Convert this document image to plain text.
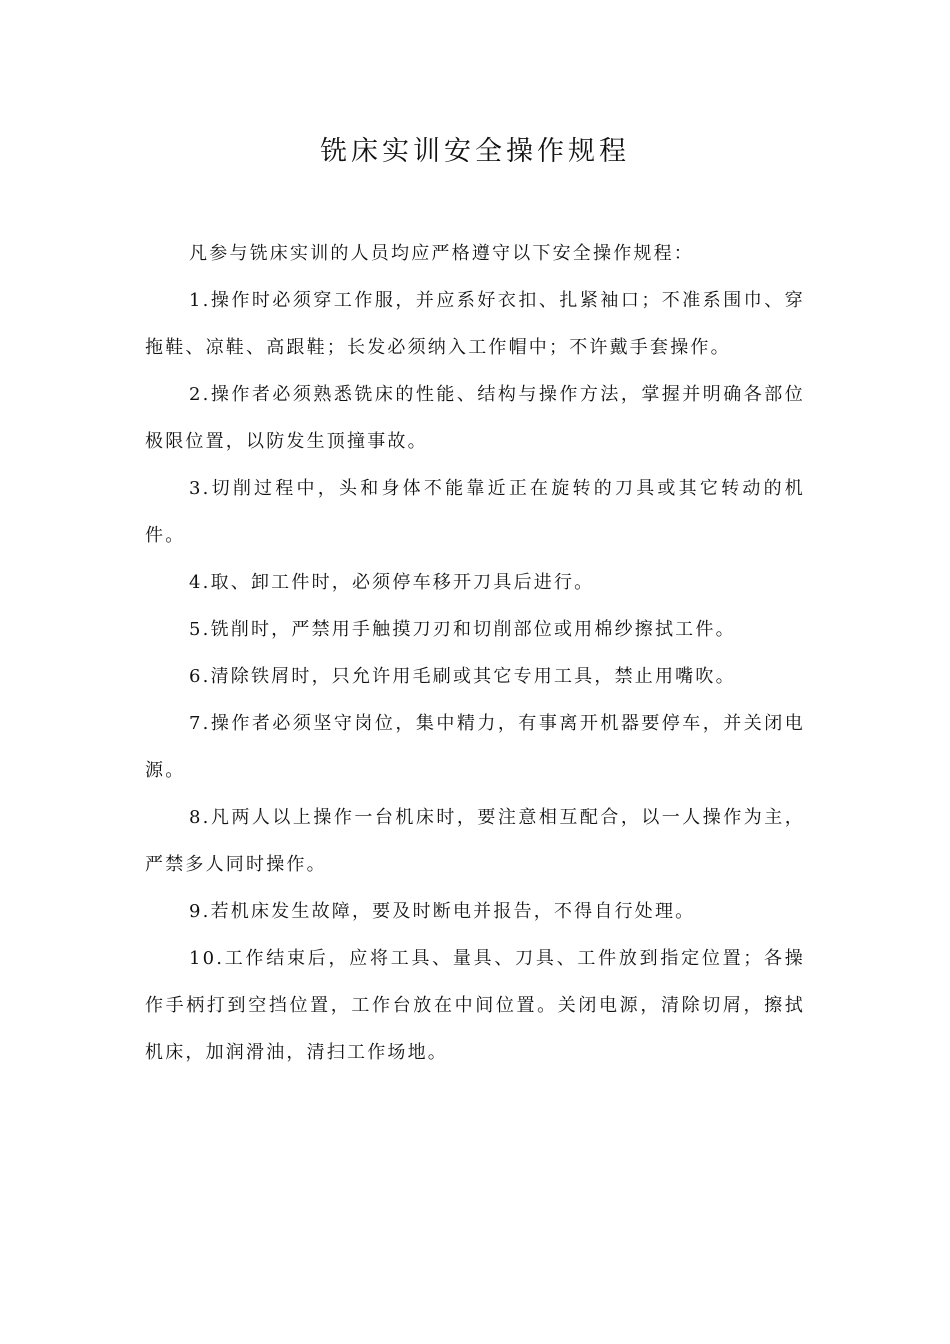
铣床实训安全操作规程

凡参与铣床实训的人员均应严格遵守以下安全操作规程：

1.操作时必须穿工作服，并应系好衣扣、扎紧袖口；不准系围巾、穿拖鞋、凉鞋、高跟鞋；长发必须纳入工作帽中；不许戴手套操作。

2.操作者必须熟悉铣床的性能、结构与操作方法，掌握并明确各部位极限位置，以防发生顶撞事故。

3.切削过程中，头和身体不能靠近正在旋转的刀具或其它转动的机件。

4.取、卸工件时，必须停车移开刀具后进行。

5.铣削时，严禁用手触摸刀刃和切削部位或用棉纱擦拭工件。

6.清除铁屑时，只允许用毛刷或其它专用工具，禁止用嘴吹。

7.操作者必须坚守岗位，集中精力，有事离开机器要停车，并关闭电源。

8.凡两人以上操作一台机床时，要注意相互配合，以一人操作为主，严禁多人同时操作。

9.若机床发生故障，要及时断电并报告，不得自行处理。

10.工作结束后，应将工具、量具、刀具、工件放到指定位置；各操作手柄打到空挡位置，工作台放在中间位置。关闭电源，清除切屑，擦拭机床，加润滑油，清扫工作场地。
